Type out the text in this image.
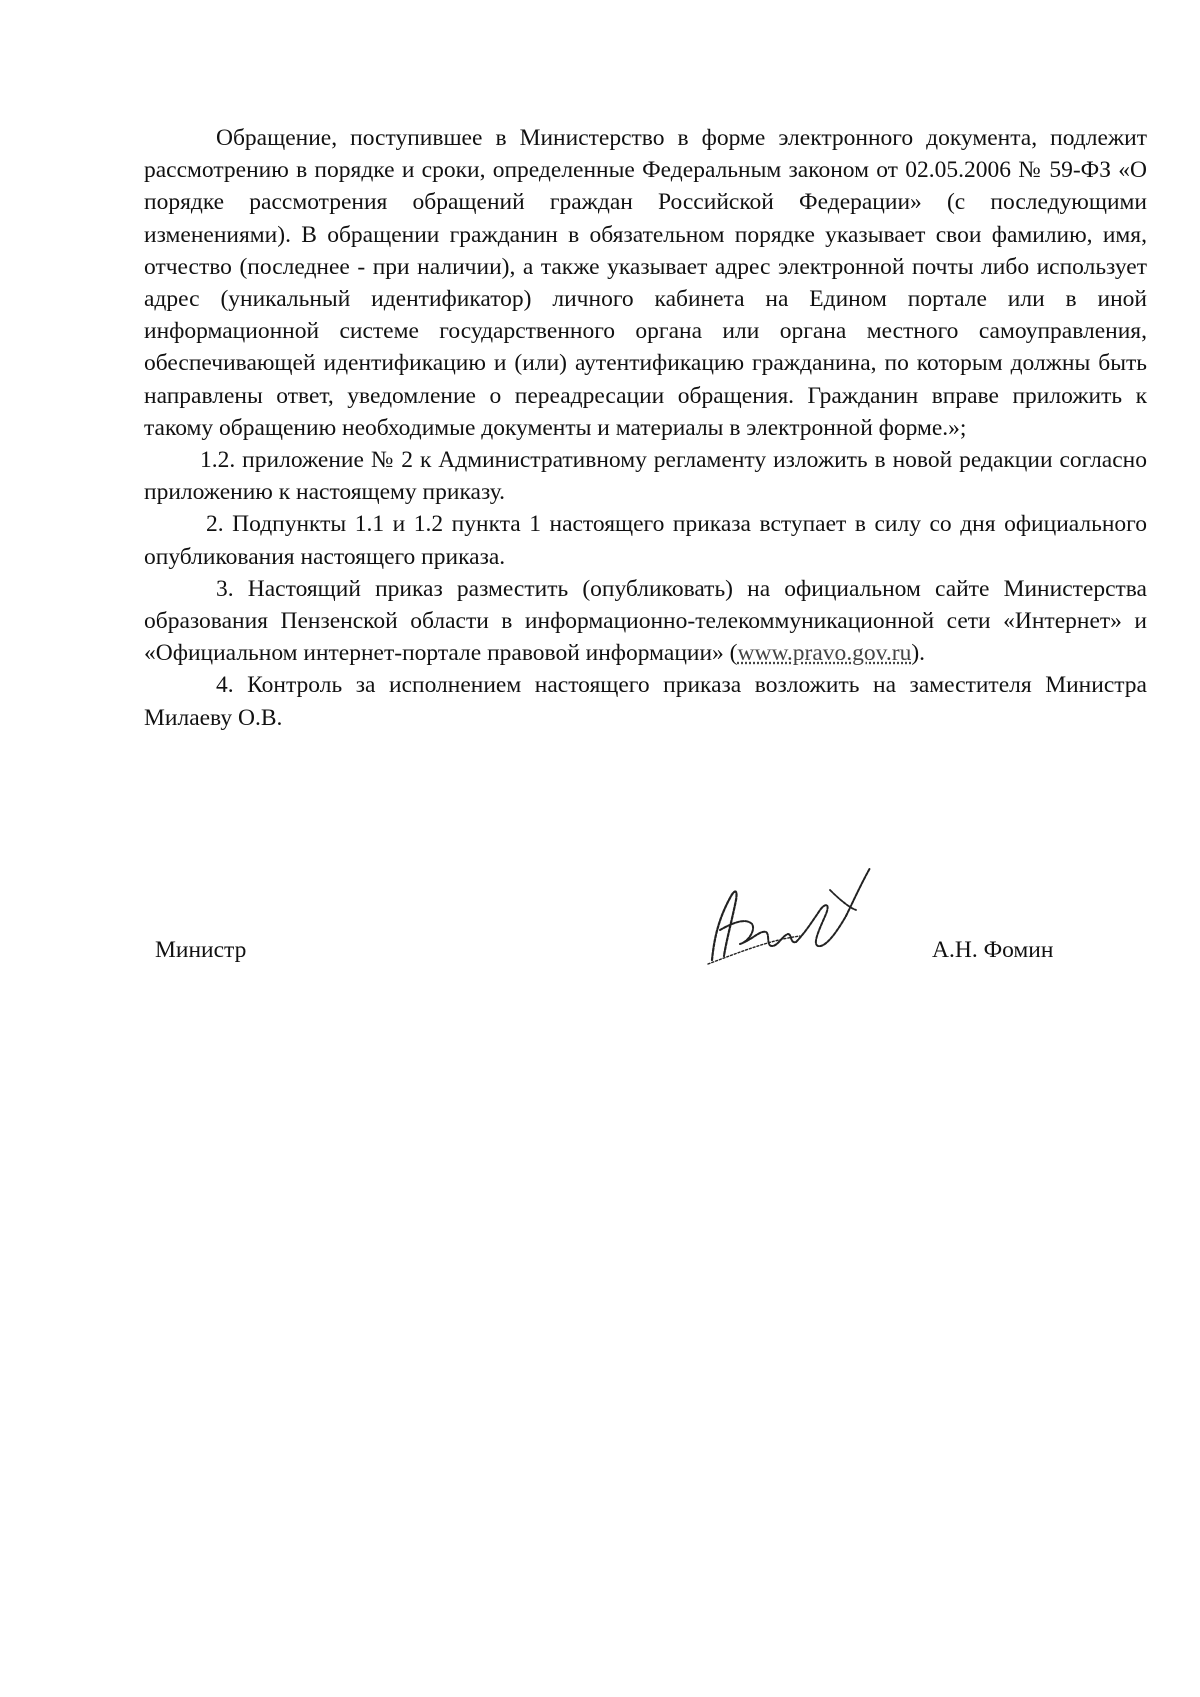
Обращение, поступившее в Министерство в форме электронного документа, подлежит рассмотрению в порядке и сроки, определенные Федеральным законом от 02.05.2006 № 59-ФЗ «О порядке рассмотрения обращений граждан Российской Федерации» (с последующими изменениями). В обращении гражданин в обязательном порядке указывает свои фамилию, имя, отчество (последнее - при наличии), а также указывает адрес электронной почты либо использует адрес (уникальный идентификатор) личного кабинета на Едином портале или в иной информационной системе государственного органа или органа местного самоуправления, обеспечивающей идентификацию и (или) аутентификацию гражданина, по которым должны быть направлены ответ, уведомление о переадресации обращения. Гражданин вправе приложить к такому обращению необходимые документы и материалы в электронной форме.»;

1.2. приложение № 2 к Административному регламенту изложить в новой редакции согласно приложению к настоящему приказу.

2. Подпункты 1.1 и 1.2 пункта 1 настоящего приказа вступает в силу со дня официального опубликования настоящего приказа.

3. Настоящий приказ разместить (опубликовать) на официальном сайте Министерства образования Пензенской области в информационно-телекоммуникационной сети «Интернет» и «Официальном интернет-портале правовой информации» (www.pravo.gov.ru).

4. Контроль за исполнением настоящего приказа возложить на заместителя Министра Милаеву О.В.

Министр	А.Н. Фомин
